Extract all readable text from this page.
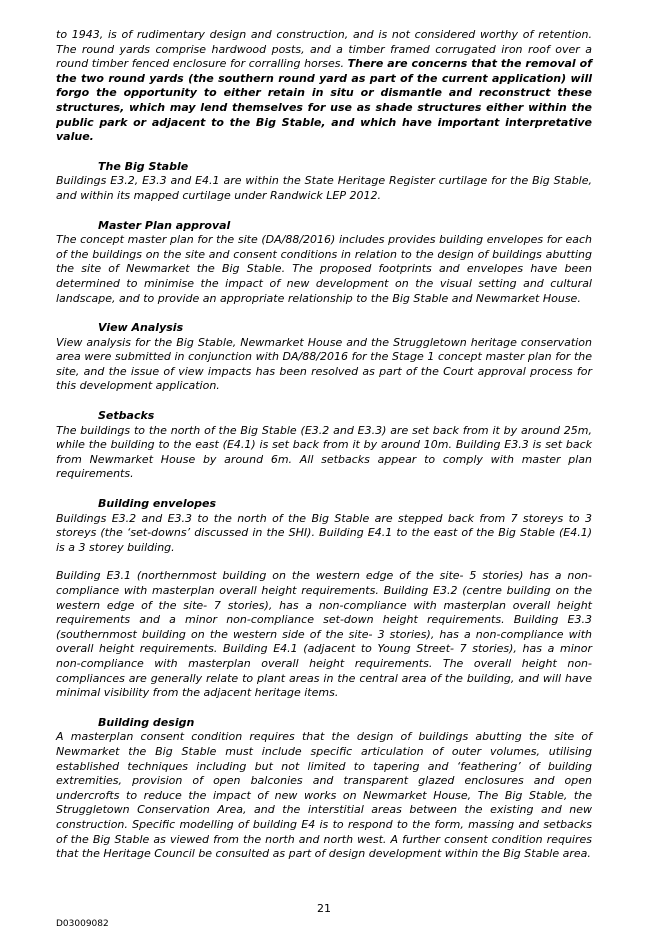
to 1943, is of rudimentary design and construction, and is not considered worthy of retention. The round yards comprise hardwood posts, and a timber framed corrugated iron roof over a round timber fenced enclosure for corralling horses. There are concerns that the removal of the two round yards (the southern round yard as part of the current application) will forgo the opportunity to either retain in situ or dismantle and reconstruct these structures, which may lend themselves for use as shade structures either within the public park or adjacent to the Big Stable, and which have important interpretative value.

The Big Stable

Buildings E3.2, E3.3 and E4.1 are within the State Heritage Register curtilage for the Big Stable, and within its mapped curtilage under Randwick LEP 2012.

Master Plan approval

The concept master plan for the site (DA/88/2016) includes provides building envelopes for each of the buildings on the site and consent conditions in relation to the design of buildings abutting the site of Newmarket the Big Stable. The proposed footprints and envelopes have been determined to minimise the impact of new development on the visual setting and cultural landscape, and to provide an appropriate relationship to the Big Stable and Newmarket House.

View Analysis

View analysis for the Big Stable, Newmarket House and the Struggletown heritage conservation area were submitted in conjunction with DA/88/2016 for the Stage 1 concept master plan for the site, and the issue of view impacts has been resolved as part of the Court approval process for this development application.

Setbacks

The buildings to the north of the Big Stable (E3.2 and E3.3) are set back from it by around 25m, while the building to the east (E4.1) is set back from it by around 10m. Building E3.3 is set back from Newmarket House by around 6m. All setbacks appear to comply with master plan requirements.

Building envelopes

Buildings E3.2 and E3.3 to the north of the Big Stable are stepped back from 7 storeys to 3 storeys (the ‘set-downs’ discussed in the SHI). Building E4.1 to the east of the Big Stable (E4.1) is a 3 storey building.

Building E3.1 (northernmost building on the western edge of the site- 5 stories) has a non-compliance with masterplan overall height requirements. Building E3.2 (centre building on the western edge of the site- 7 stories), has a non-compliance with masterplan overall height requirements and a minor non-compliance set-down height requirements. Building E3.3 (southernmost building on the western side of the site- 3 stories), has a non-compliance with overall height requirements. Building E4.1 (adjacent to Young Street- 7 stories), has a minor non-compliance with masterplan overall height requirements. The overall height non-compliances are generally relate to plant areas in the central area of the building, and will have minimal visibility from the adjacent heritage items.

Building design

A masterplan consent condition requires that the design of buildings abutting the site of Newmarket the Big Stable must include specific articulation of outer volumes, utilising established techniques including but not limited to tapering and ‘feathering’ of building extremities, provision of open balconies and transparent glazed enclosures and open undercrofts to reduce the impact of new works on Newmarket House, The Big Stable, the Struggletown Conservation Area, and the interstitial areas between the existing and new construction. Specific modelling of building E4 is to respond to the form, massing and setbacks of the Big Stable as viewed from the north and north west. A further consent condition requires that the Heritage Council be consulted as part of design development within the Big Stable area.

21
D03009082
